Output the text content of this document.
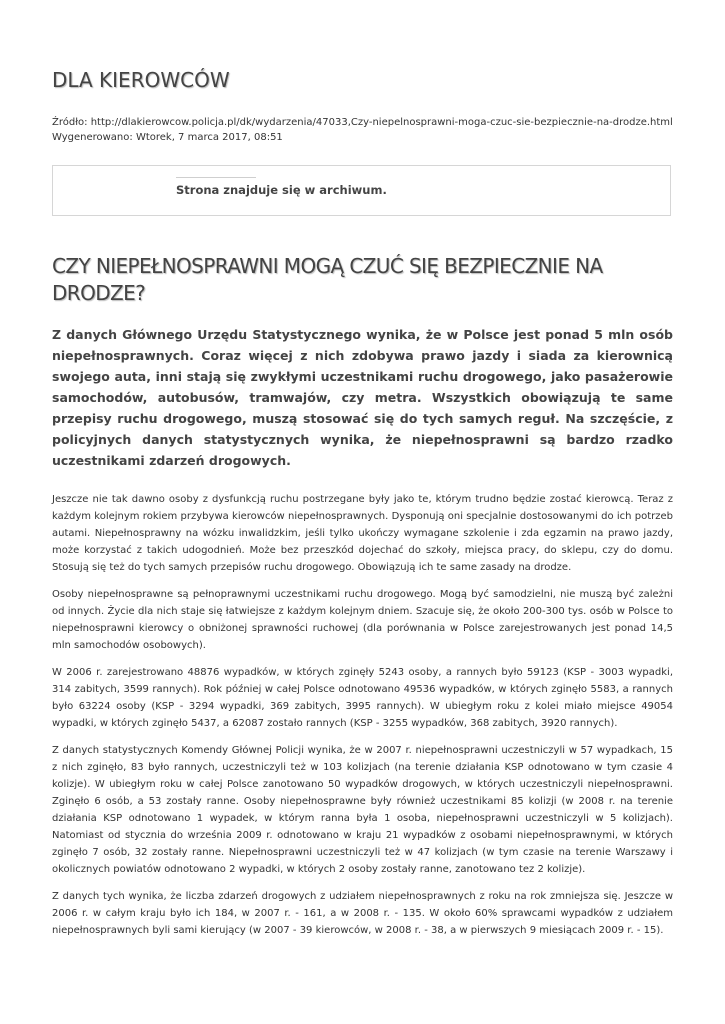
DLA KIEROWCÓW
Źródło: http://dlakierowcow.policja.pl/dk/wydarzenia/47033,Czy-niepelnosprawni-moga-czuc-sie-bezpiecznie-na-drodze.html
Wygenerowano: Wtorek, 7 marca 2017, 08:51
Strona znajduje się w archiwum.
CZY NIEPEŁNOSPRAWNI MOGĄ CZUĆ SIĘ BEZPIECZNIE NA DRODZE?

Z danych Głównego Urzędu Statystycznego wynika, że w Polsce jest ponad 5 mln osób niepełnosprawnych. Coraz więcej z nich zdobywa prawo jazdy i siada za kierownicą swojego auta, inni stają się zwykłymi uczestnikami ruchu drogowego, jako pasażerowie samochodów, autobusów, tramwajów, czy metra. Wszystkich obowiązują te same przepisy ruchu drogowego, muszą stosować się do tych samych reguł. Na szczęście, z policyjnych danych statystycznych wynika, że niepełnosprawni są bardzo rzadko uczestnikami zdarzeń drogowych.

Jeszcze nie tak dawno osoby z dysfunkcją ruchu postrzegane były jako te, którym trudno będzie zostać kierowcą. Teraz z każdym kolejnym rokiem przybywa kierowców niepełnosprawnych. Dysponują oni specjalnie dostosowanymi do ich potrzeb autami. Niepełnosprawny na wózku inwalidzkim, jeśli tylko ukończy wymagane szkolenie i zda egzamin na prawo jazdy, może korzystać z takich udogodnień. Może bez przeszkód dojechać do szkoły, miejsca pracy, do sklepu, czy do domu. Stosują się też do tych samych przepisów ruchu drogowego. Obowiązują ich te same zasady na drodze.

Osoby niepełnosprawne są pełnoprawnymi uczestnikami ruchu drogowego. Mogą być samodzielni, nie muszą być zależni od innych. Życie dla nich staje się łatwiejsze z każdym kolejnym dniem. Szacuje się, że około 200-300 tys. osób w Polsce to niepełnosprawni kierowcy o obniżonej sprawności ruchowej (dla porównania w Polsce zarejestrowanych jest ponad 14,5 mln samochodów osobowych).

W 2006 r. zarejestrowano 48876 wypadków, w których zginęły 5243 osoby, a rannych było 59123 (KSP - 3003 wypadki, 314 zabitych, 3599 rannych). Rok później w całej Polsce odnotowano 49536 wypadków, w których zginęło 5583, a rannych było 63224 osoby (KSP - 3294 wypadki, 369 zabitych, 3995 rannych). W ubiegłym roku z kolei miało miejsce 49054 wypadki, w których zginęło 5437, a 62087 zostało rannych (KSP - 3255 wypadków, 368 zabitych, 3920 rannych).

Z danych statystycznych Komendy Głównej Policji wynika, że w 2007 r. niepełnosprawni uczestniczyli w 57 wypadkach, 15 z nich zginęło, 83 było rannych, uczestniczyli też w 103 kolizjach (na terenie działania KSP odnotowano w tym czasie 4 kolizje). W ubiegłym roku w całej Polsce zanotowano 50 wypadków drogowych, w których uczestniczyli niepełnosprawni. Zginęło 6 osób, a 53 zostały ranne. Osoby niepełnosprawne były również uczestnikami 85 kolizji (w 2008 r. na terenie działania KSP odnotowano 1 wypadek, w którym ranna była 1 osoba, niepełnosprawni uczestniczyli w 5 kolizjach). Natomiast od stycznia do września 2009 r. odnotowano w kraju 21 wypadków z osobami niepełnosprawnymi, w których zginęło 7 osób, 32 zostały ranne. Niepełnosprawni uczestniczyli też w 47 kolizjach (w tym czasie na terenie Warszawy i okolicznych powiatów odnotowano 2 wypadki, w których 2 osoby zostały ranne, zanotowano tez 2 kolizje).

Z danych tych wynika, że liczba zdarzeń drogowych z udziałem niepełnosprawnych z roku na rok zmniejsza się. Jeszcze w 2006 r. w całym kraju było ich 184, w 2007 r. - 161, a w 2008 r. - 135. W około 60% sprawcami wypadków z udziałem niepełnosprawnych byli sami kierujący (w 2007 - 39 kierowców, w 2008 r. - 38, a w pierwszych 9 miesiącach 2009 r. - 15).
